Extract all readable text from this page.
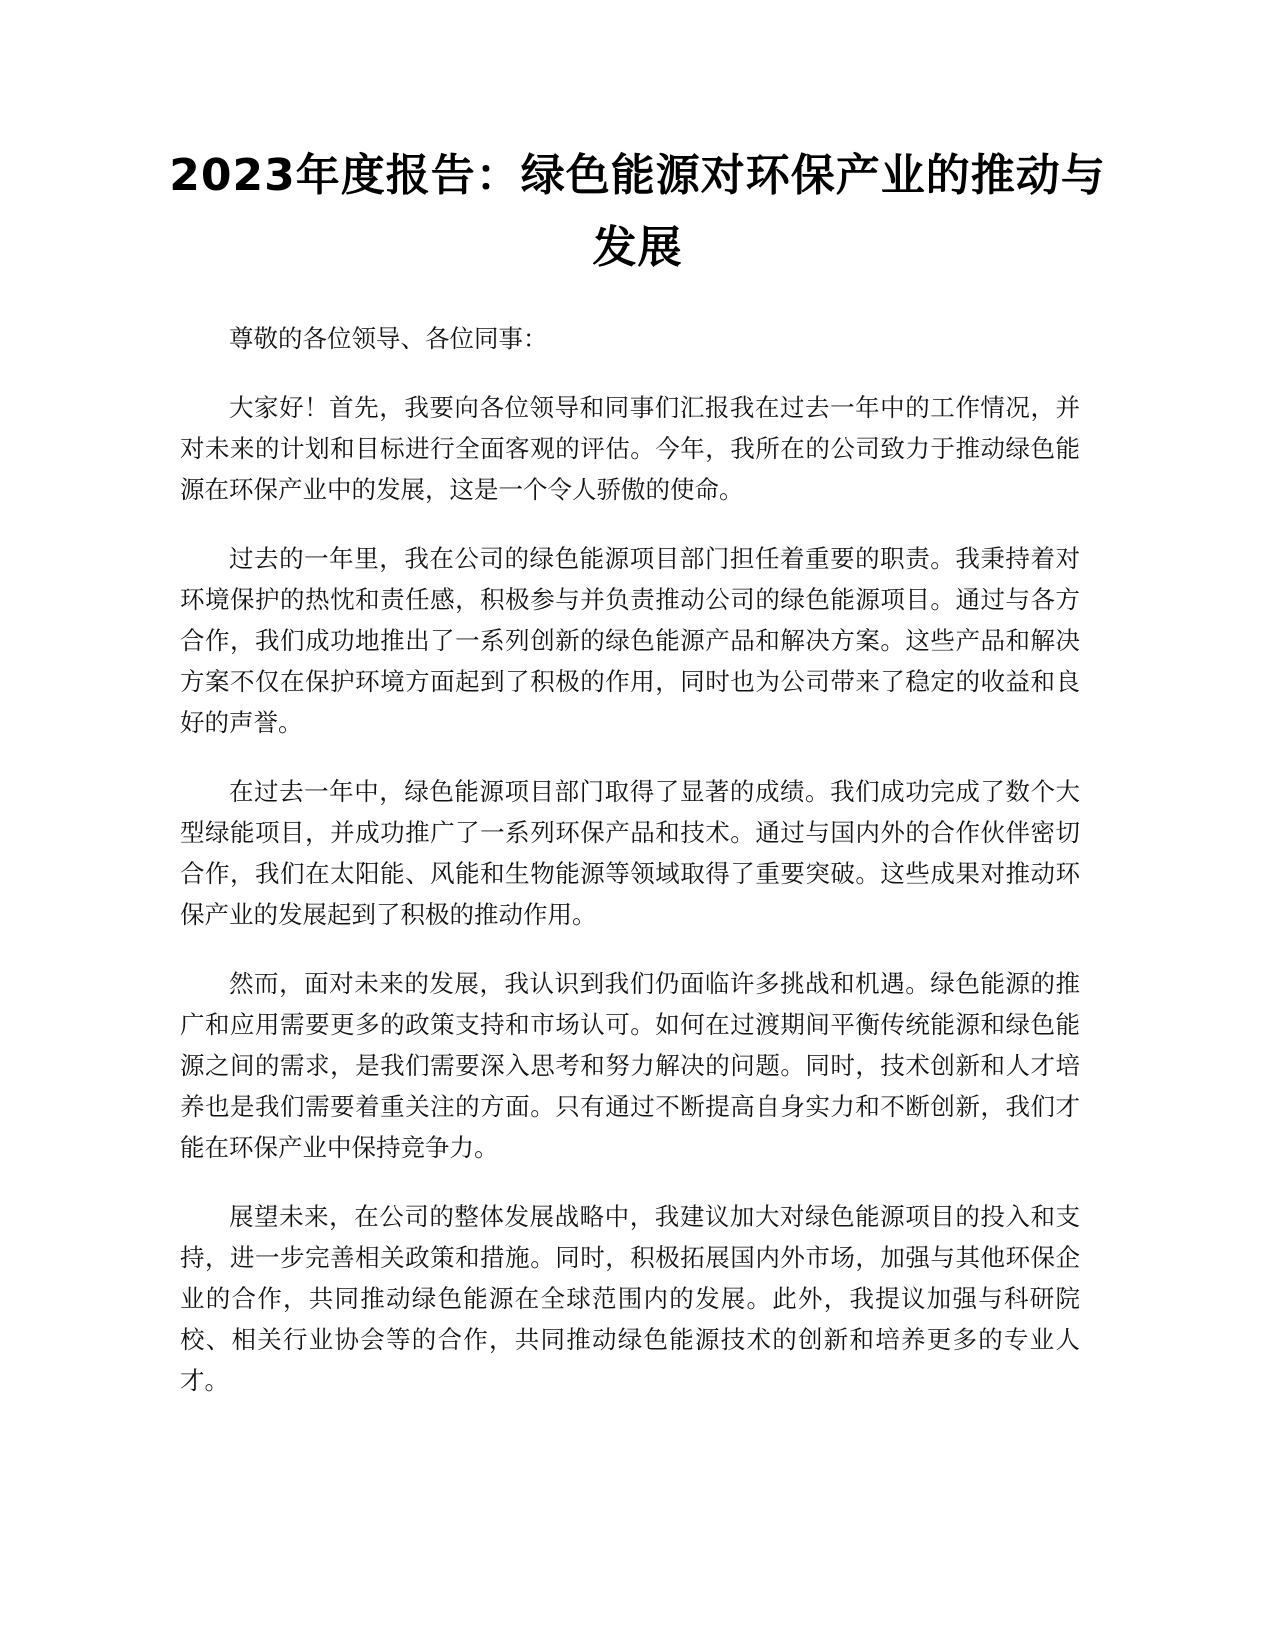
2023年度报告：绿色能源对环保产业的推动与发展

尊敬的各位领导、各位同事：

大家好！首先，我要向各位领导和同事们汇报我在过去一年中的工作情况，并对未来的计划和目标进行全面客观的评估。今年，我所在的公司致力于推动绿色能源在环保产业中的发展，这是一个令人骄傲的使命。

过去的一年里，我在公司的绿色能源项目部门担任着重要的职责。我秉持着对环境保护的热忱和责任感，积极参与并负责推动公司的绿色能源项目。通过与各方合作，我们成功地推出了一系列创新的绿色能源产品和解决方案。这些产品和解决方案不仅在保护环境方面起到了积极的作用，同时也为公司带来了稳定的收益和良好的声誉。

在过去一年中，绿色能源项目部门取得了显著的成绩。我们成功完成了数个大型绿能项目，并成功推广了一系列环保产品和技术。通过与国内外的合作伙伴密切合作，我们在太阳能、风能和生物能源等领域取得了重要突破。这些成果对推动环保产业的发展起到了积极的推动作用。

然而，面对未来的发展，我认识到我们仍面临许多挑战和机遇。绿色能源的推广和应用需要更多的政策支持和市场认可。如何在过渡期间平衡传统能源和绿色能源之间的需求，是我们需要深入思考和努力解决的问题。同时，技术创新和人才培养也是我们需要着重关注的方面。只有通过不断提高自身实力和不断创新，我们才能在环保产业中保持竞争力。

展望未来，在公司的整体发展战略中，我建议加大对绿色能源项目的投入和支持，进一步完善相关政策和措施。同时，积极拓展国内外市场，加强与其他环保企业的合作，共同推动绿色能源在全球范围内的发展。此外，我提议加强与科研院校、相关行业协会等的合作，共同推动绿色能源技术的创新和培养更多的专业人才。
